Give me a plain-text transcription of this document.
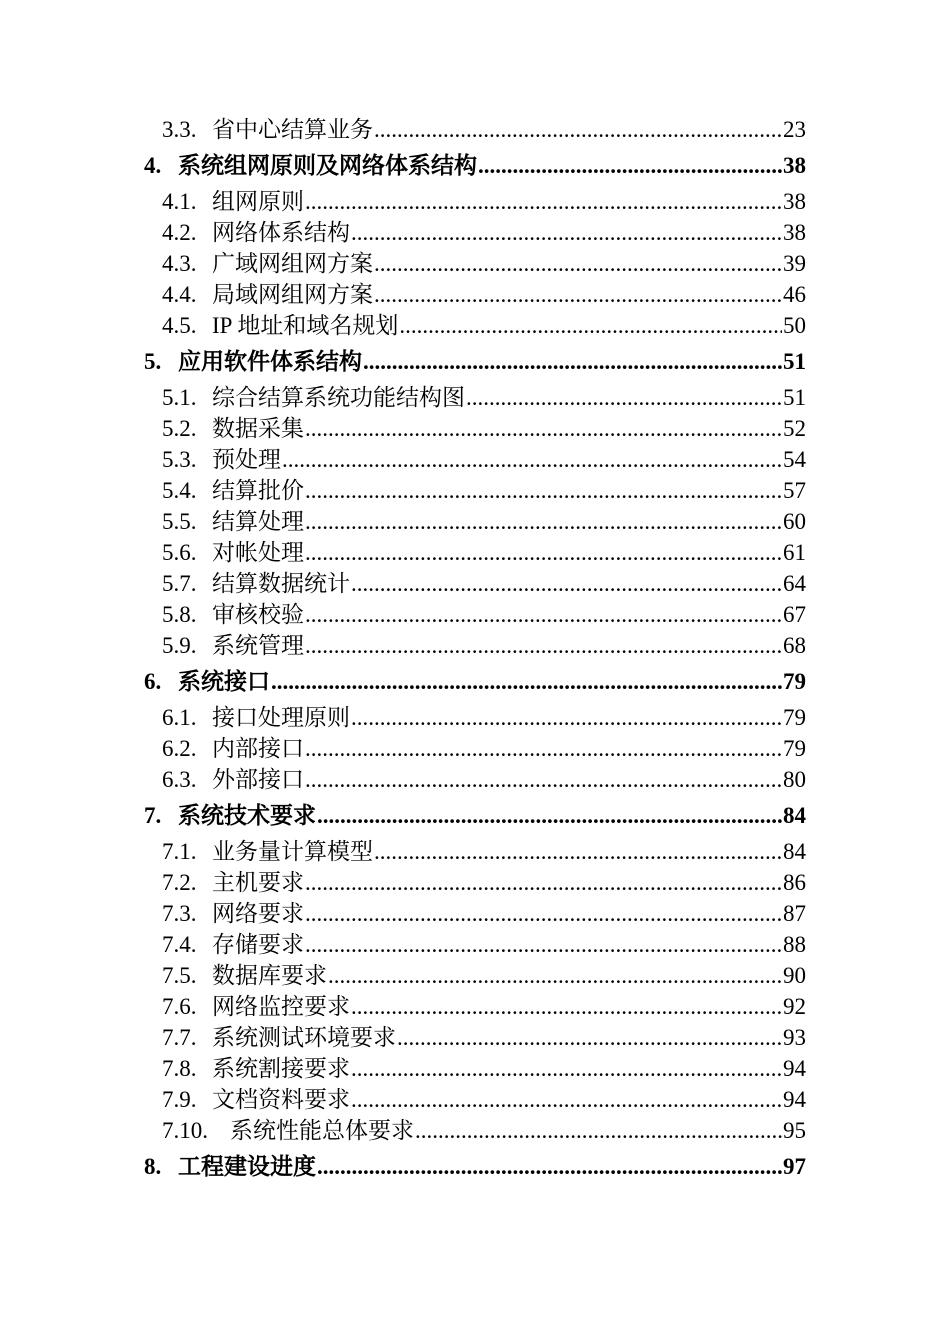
3.3. 省中心结算业务 .....	23
4. 系统组网原则及网络体系结构 .....	38
4.1. 组网原则 .....	38
4.2. 网络体系结构 .....	38
4.3. 广域网组网方案 .....	39
4.4. 局域网组网方案 .....	46
4.5. IP 地址和域名规划 .....	50
5. 应用软件体系结构 .....	51
5.1. 综合结算系统功能结构图 .....	51
5.2. 数据采集 .....	52
5.3. 预处理 .....	54
5.4. 结算批价 .....	57
5.5. 结算处理 .....	60
5.6. 对帐处理 .....	61
5.7. 结算数据统计 .....	64
5.8. 审核校验 .....	67
5.9. 系统管理 .....	68
6. 系统接口 .....	79
6.1. 接口处理原则 .....	79
6.2. 内部接口 .....	79
6.3. 外部接口 .....	80
7. 系统技术要求 .....	84
7.1. 业务量计算模型 .....	84
7.2. 主机要求 .....	86
7.3. 网络要求 .....	87
7.4. 存储要求 .....	88
7.5. 数据库要求 .....	90
7.6. 网络监控要求 .....	92
7.7. 系统测试环境要求 .....	93
7.8. 系统割接要求 .....	94
7.9. 文档资料要求 .....	94
7.10. 系统性能总体要求 .....	95
8. 工程建设进度 .....	97
